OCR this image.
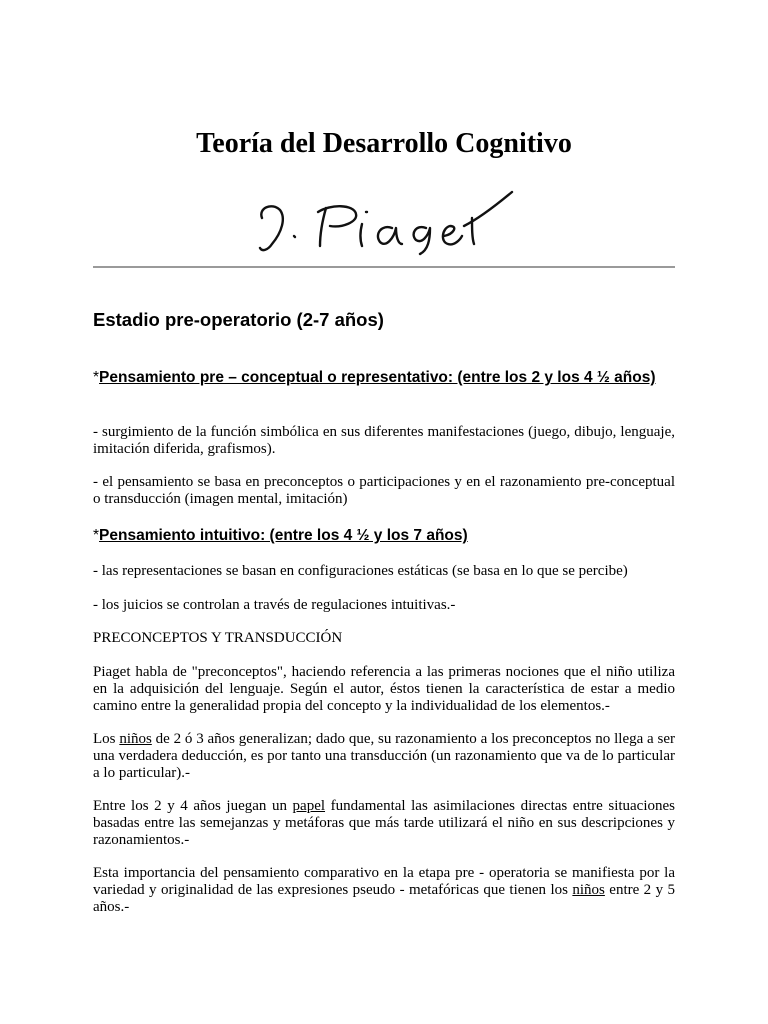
Teoría del Desarrollo Cognitivo
Estadio pre-operatorio (2-7 años)
*Pensamiento pre – conceptual o representativo: (entre los 2 y los 4 ½ años)

- surgimiento de la función simbólica en sus diferentes manifestaciones (juego, dibujo, lenguaje, imitación diferida, grafismos).

- el pensamiento se basa en preconceptos o participaciones y en el razonamiento pre-conceptual o transducción (imagen mental, imitación)

*Pensamiento intuitivo: (entre los 4 ½ y los 7 años)

- las representaciones se basan en configuraciones estáticas (se basa en lo que se percibe)

- los juicios se controlan a través de regulaciones intuitivas.-

PRECONCEPTOS Y TRANSDUCCIÓN

Piaget habla de "preconceptos", haciendo referencia a las primeras nociones que el niño utiliza en la adquisición del lenguaje. Según el autor, éstos tienen la característica de estar a medio camino entre la generalidad propia del concepto y la individualidad de los elementos.-

Los niños de 2 ó 3 años generalizan; dado que, su razonamiento a los preconceptos no llega a ser una verdadera deducción, es por tanto una transducción (un razonamiento que va de lo particular a lo particular).-

Entre los 2 y 4 años juegan un papel fundamental las asimilaciones directas entre situaciones basadas entre las semejanzas y metáforas que más tarde utilizará el niño en sus descripciones y razonamientos.-

Esta importancia del pensamiento comparativo en la etapa pre - operatoria se manifiesta por la variedad y originalidad de las expresiones pseudo - metafóricas que tienen los niños entre 2 y 5 años.-
